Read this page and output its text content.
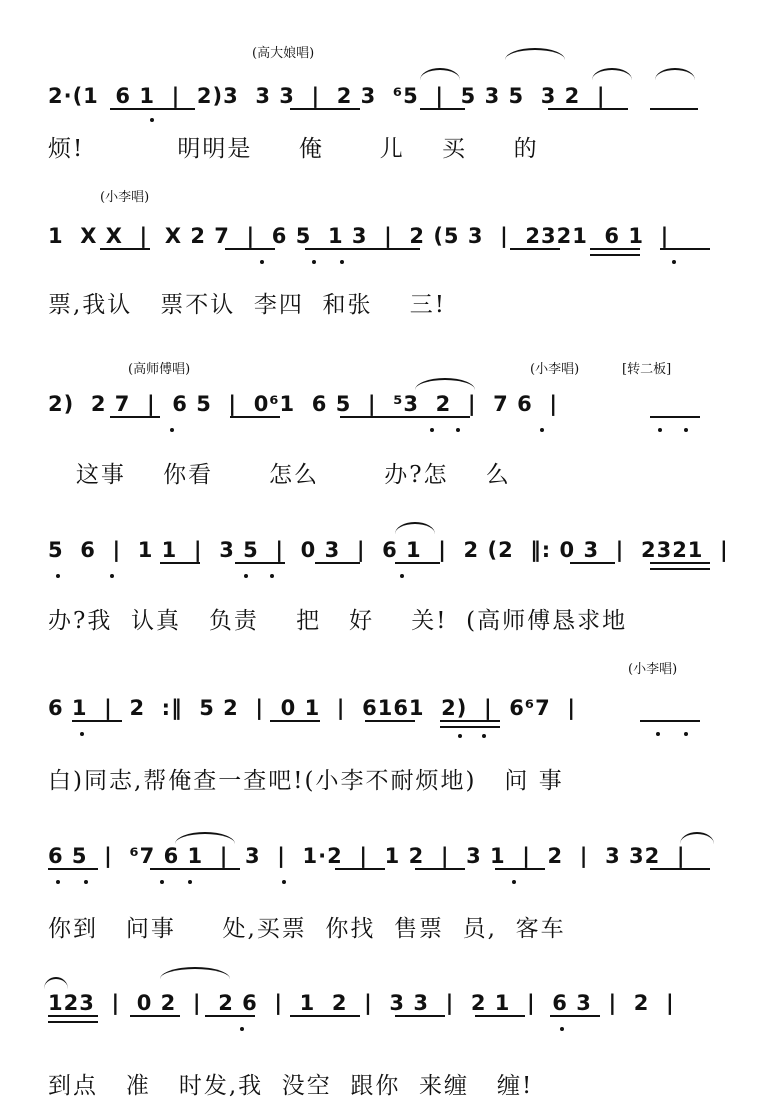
(高大娘唱)
2·(1  6 1  |  2)3  3 3  |  2 3  ⁶5  |  5 3 5  3 2  |
烦!          明明是     俺      儿    买     的
(小李唱)
1  X X  |  X 2 7  |  6 5  1 3  |  2 (5 3  |  2321  6 1  |
票,我认   票不认  李四  和张    三!
(高师傅唱)	(小李唱)	[转二板]
2)  2 7  |  6 5  |  0⁶1  6 5  |  ⁵3  2  |  7 6  |
这事    你看      怎么       办?怎    么
5  6  |  1 1  |  3 5  |  0 3  |  6 1  |  2 (2  ‖: 0 3  |  2321  |
办?我  认真   负责    把   好    关!  (高师傅恳求地
(小李唱)
6 1  |  2  :‖  5 2  |  0 1  |  6161  2)  |  6⁶7  |
白)同志,帮俺查一查吧!(小李不耐烦地)   问 事
6 5  |  ⁶7 6 1  |  3  |  1·2  |  1 2  |  3 1  |  2  |  3 32  |
你到   问事     处,买票  你找  售票  员,  客车
123  |  0 2  |  2 6  |  1  2  |  3 3  |  2 1  |  6 3  |  2  |
到点   准   时发,我  没空  跟你  来缠   缠!
